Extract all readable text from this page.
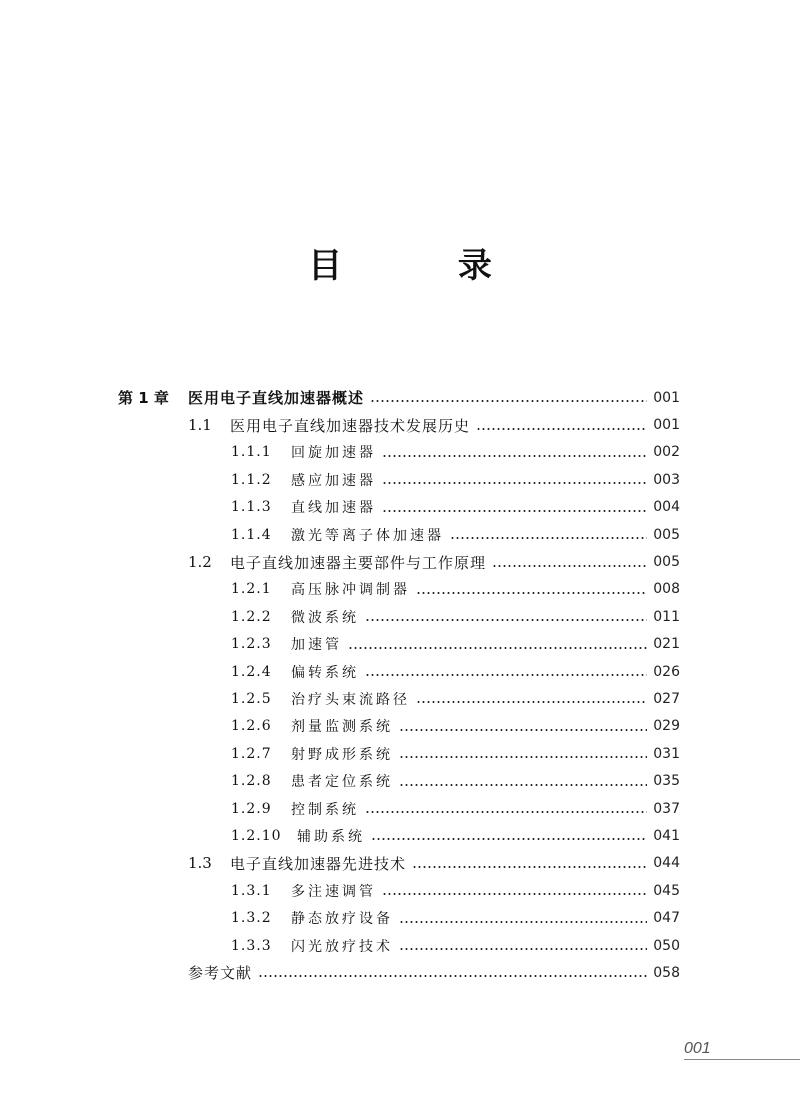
目 录
第 1 章	医用电子直线加速器概述	001
1.1	医用电子直线加速器技术发展历史	001
1.1.1	回旋加速器	002
1.1.2	感应加速器	003
1.1.3	直线加速器	004
1.1.4	激光等离子体加速器	005
1.2	电子直线加速器主要部件与工作原理	005
1.2.1	高压脉冲调制器	008
1.2.2	微波系统	011
1.2.3	加速管	021
1.2.4	偏转系统	026
1.2.5	治疗头束流路径	027
1.2.6	剂量监测系统	029
1.2.7	射野成形系统	031
1.2.8	患者定位系统	035
1.2.9	控制系统	037
1.2.10	辅助系统	041
1.3	电子直线加速器先进技术	044
1.3.1	多注速调管	045
1.3.2	静态放疗设备	047
1.3.3	闪光放疗技术	050
参考文献	058
001
